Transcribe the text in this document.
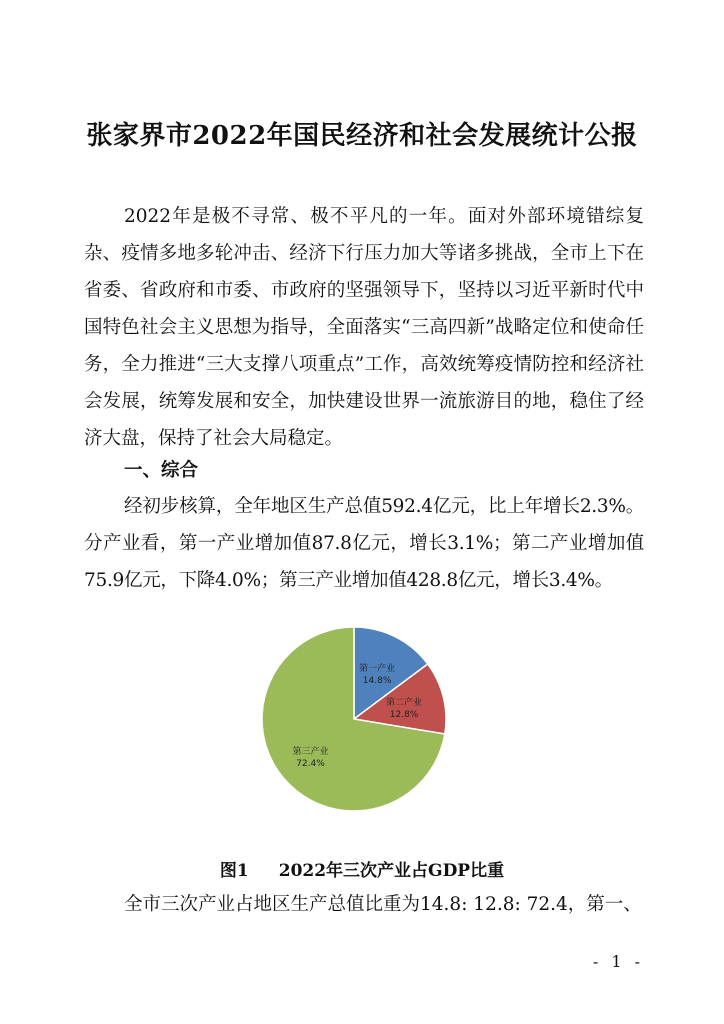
张家界市2022年国民经济和社会发展统计公报
2022年是极不寻常、极不平凡的一年。面对外部环境错综复杂、疫情多地多轮冲击、经济下行压力加大等诸多挑战，全市上下在省委、省政府和市委、市政府的坚强领导下，坚持以习近平新时代中国特色社会主义思想为指导，全面落实“三高四新”战略定位和使命任务，全力推进“三大支撑八项重点”工作，高效统筹疫情防控和经济社会发展，统筹发展和安全，加快建设世界一流旅游目的地，稳住了经济大盘，保持了社会大局稳定。
一、综合
经初步核算，全年地区生产总值592.4亿元，比上年增长2.3%。分产业看，第一产业增加值87.8亿元，增长3.1%；第二产业增加值75.9亿元，下降4.0%；第三产业增加值428.8亿元，增长3.4%。
第一产业
14.8%
第二产业
12.8%
第三产业
72.4%
图1 2022年三次产业占GDP比重
全市三次产业占地区生产总值比重为14.8: 12.8: 72.4，第一、
- 1 -
